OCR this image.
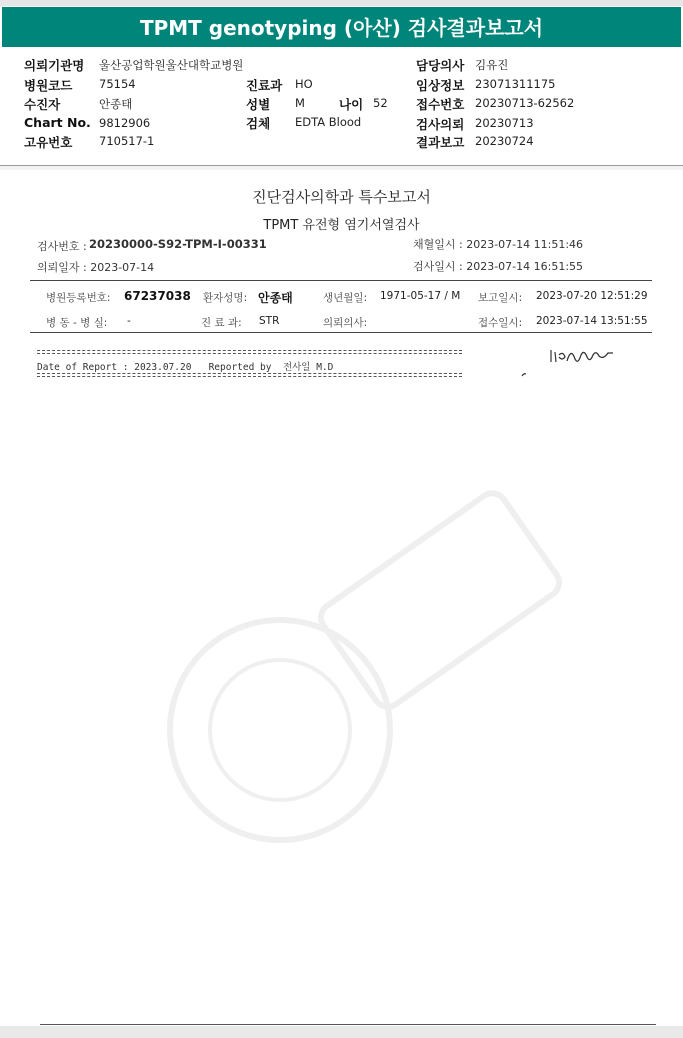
TPMT genotyping (아산) 검사결과보고서
의뢰기관명 울산공업학원울산대학교병원
병원코드 75154
수진자	안종태
Chart No. 9812906
고유번호 710517-1
진료과 HO
성별 M	나이 52
검체 EDTA Blood
담당의사 김유진
임상정보 23071311175
접수번호 20230713-62562
검사의뢰 20230713
결과보고 20230724
진단검사의학과 특수보고서
TPMT 유전형 염기서열검사
검사번호 : 20230000-S92-TPM-I-00331
의뢰일자 : 2023-07-14
채혈일시 : 2023-07-14 11:51:46
검사일시 : 2023-07-14 16:51:55
병원등록번호: 67237038 환자성명: 안종태	생년월일: 1971-05-17 / M 보고일시: 2023-07-20 12:51:29
병 동 - 병 실: -	진 료 과: STR	의뢰의사:	접수일시: 2023-07-14 13:51:55
Date of Report : 2023.07.20   Reported by  전사일 M.D
